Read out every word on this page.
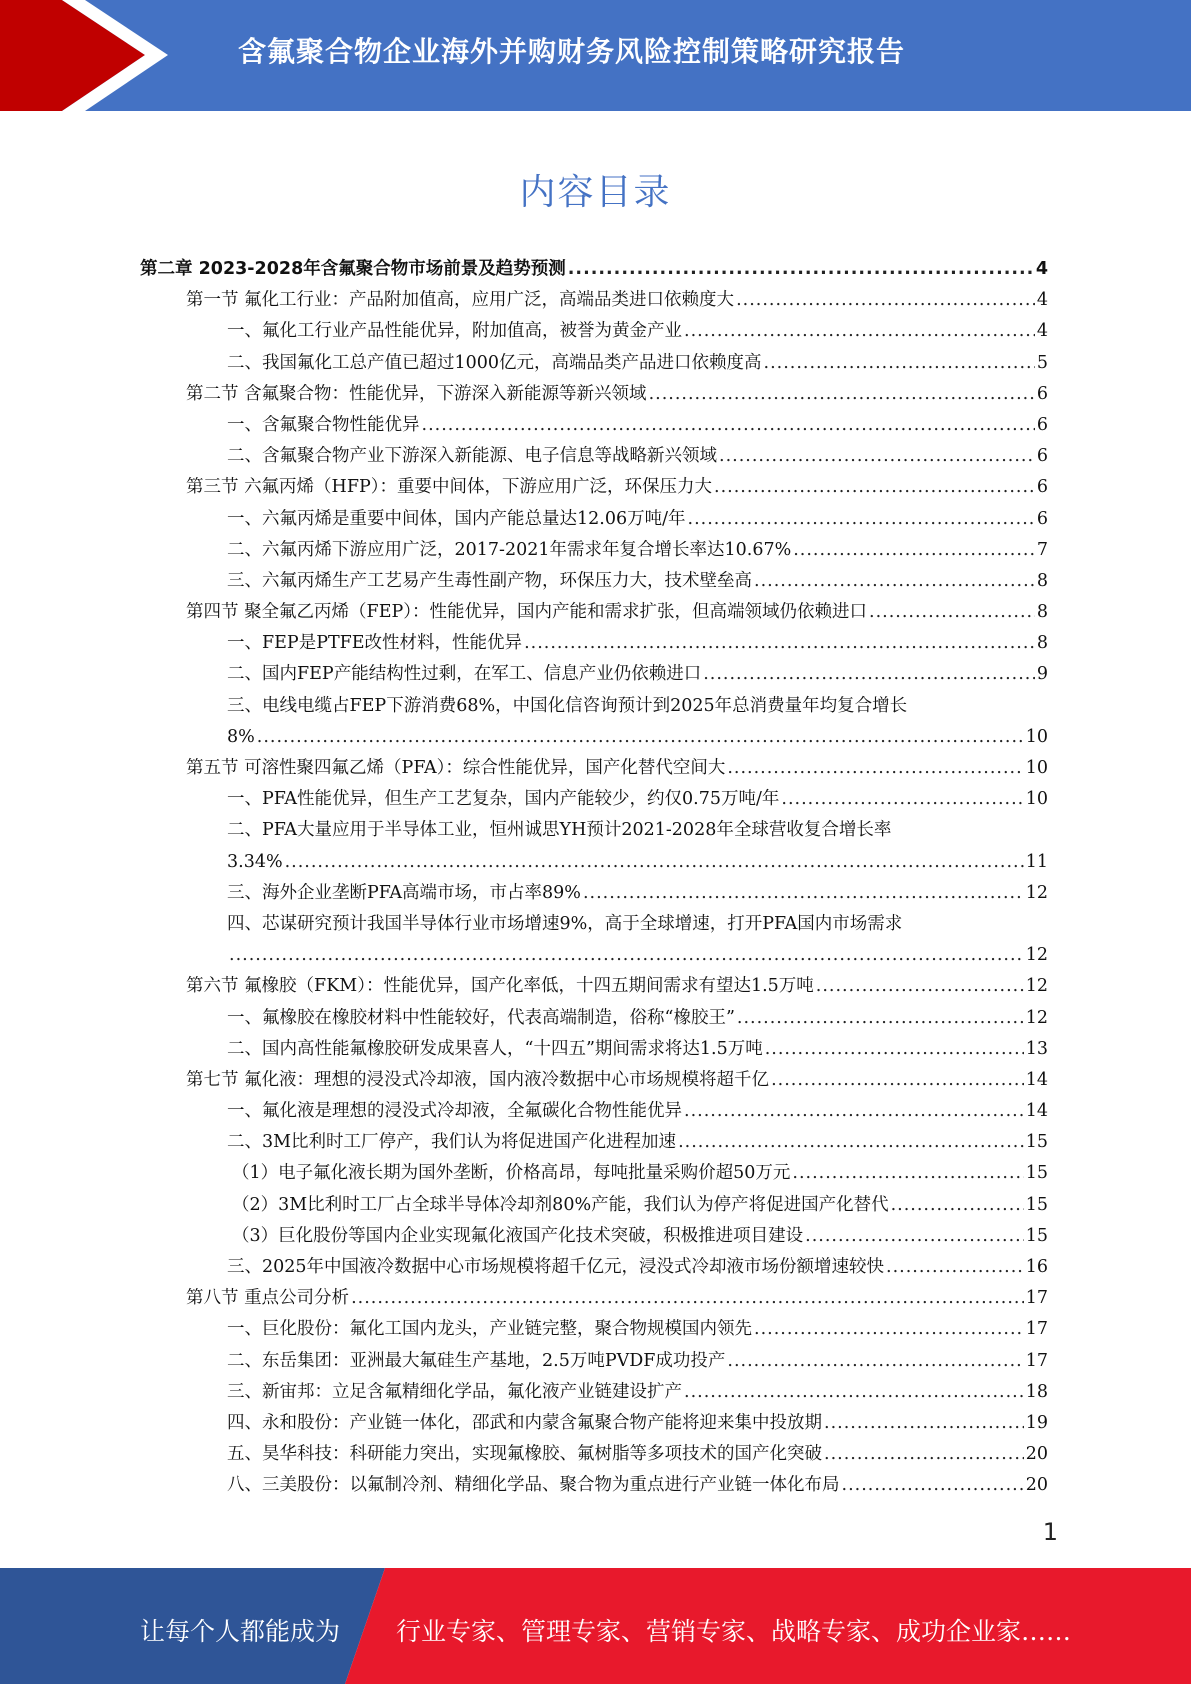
含氟聚合物企业海外并购财务风险控制策略研究报告
内容目录
第二章 2023-2028年含氟聚合物市场前景及趋势预测 .....	4
第一节 氟化工行业：产品附加值高，应用广泛，高端品类进口依赖度大 .....	4
一、氟化工行业产品性能优异，附加值高，被誉为黄金产业 .....	4
二、我国氟化工总产值已超过1000亿元，高端品类产品进口依赖度高 .....	5
第二节 含氟聚合物：性能优异，下游深入新能源等新兴领域 .....	6
一、含氟聚合物性能优异 .....	6
二、含氟聚合物产业下游深入新能源、电子信息等战略新兴领域 .....	6
第三节 六氟丙烯（HFP）：重要中间体，下游应用广泛，环保压力大 .....	6
一、六氟丙烯是重要中间体，国内产能总量达12.06万吨/年 .....	6
二、六氟丙烯下游应用广泛，2017-2021年需求年复合增长率达10.67% .....	7
三、六氟丙烯生产工艺易产生毒性副产物，环保压力大，技术壁垒高 .....	8
第四节 聚全氟乙丙烯（FEP）：性能优异，国内产能和需求扩张，但高端领域仍依赖进口 .....	8
一、FEP是PTFE改性材料，性能优异 .....	8
二、国内FEP产能结构性过剩，在军工、信息产业仍依赖进口 .....	9
三、电线电缆占FEP下游消费68%，中国化信咨询预计到2025年总消费量年均复合增长
8% .....	10
第五节 可溶性聚四氟乙烯（PFA）：综合性能优异，国产化替代空间大 .....	10
一、PFA性能优异，但生产工艺复杂，国内产能较少，约仅0.75万吨/年 .....	10
二、PFA大量应用于半导体工业，恒州诚思YH预计2021-2028年全球营收复合增长率
3.34% .....	11
三、海外企业垄断PFA高端市场，市占率89% .....	12
四、芯谋研究预计我国半导体行业市场增速9%，高于全球增速，打开PFA国内市场需求
.....
12
第六节 氟橡胶（FKM）：性能优异，国产化率低，十四五期间需求有望达1.5万吨 .....	12
一、氟橡胶在橡胶材料中性能较好，代表高端制造，俗称“橡胶王” .....	12
二、国内高性能氟橡胶研发成果喜人，“十四五”期间需求将达1.5万吨 .....	13
第七节 氟化液：理想的浸没式冷却液，国内液冷数据中心市场规模将超千亿 .....	14
一、氟化液是理想的浸没式冷却液，全氟碳化合物性能优异 .....	14
二、3M比利时工厂停产，我们认为将促进国产化进程加速 .....	15
（1）电子氟化液长期为国外垄断，价格高昂，每吨批量采购价超50万元 .....	15
（2）3M比利时工厂占全球半导体冷却剂80%产能，我们认为停产将促进国产化替代 .....	15
（3）巨化股份等国内企业实现氟化液国产化技术突破，积极推进项目建设 .....	15
三、2025年中国液冷数据中心市场规模将超千亿元，浸没式冷却液市场份额增速较快 .....	16
第八节 重点公司分析 .....	17
一、巨化股份：氟化工国内龙头，产业链完整，聚合物规模国内领先 .....	17
二、东岳集团：亚洲最大氟硅生产基地，2.5万吨PVDF成功投产 .....	17
三、新宙邦：立足含氟精细化学品，氟化液产业链建设扩产 .....	18
四、永和股份：产业链一体化，邵武和内蒙含氟聚合物产能将迎来集中投放期 .....	19
五、昊华科技：科研能力突出，实现氟橡胶、氟树脂等多项技术的国产化突破 .....	20
八、三美股份：以氟制冷剂、精细化学品、聚合物为重点进行产业链一体化布局 .....	20
1
让每个人都能成为 行业专家、管理专家、营销专家、战略专家、成功企业家……
